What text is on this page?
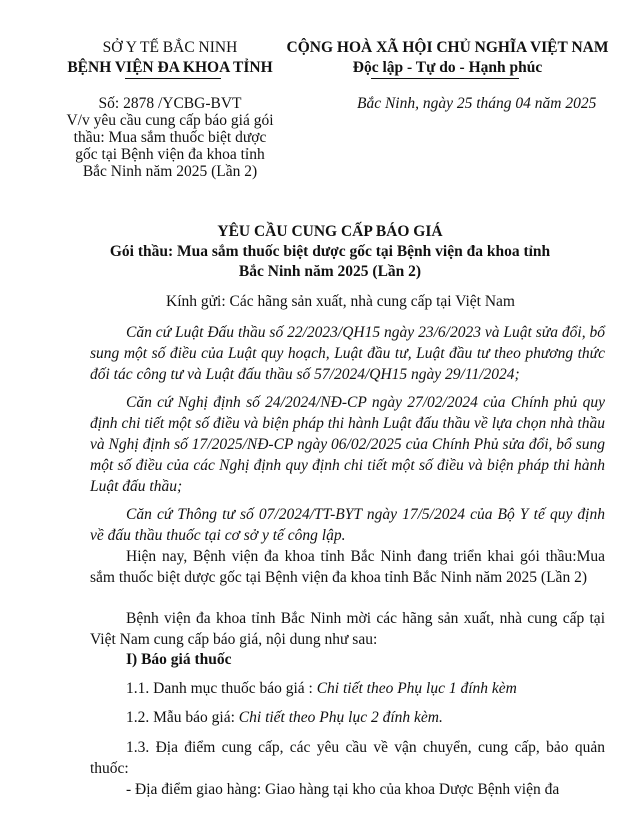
SỞ Y TẾ BẮC NINH
BỆNH VIỆN ĐA KHOA TỈNH
Số: 2878 /YCBG-BVT
V/v yêu cầu cung cấp báo giá gói
thầu: Mua sắm thuốc biệt dược
gốc tại Bệnh viện đa khoa tỉnh
Bắc Ninh năm 2025 (Lần 2)
CỘNG HOÀ XÃ HỘI CHỦ NGHĨA VIỆT NAM
Độc lập - Tự do - Hạnh phúc
Bắc Ninh, ngày 25 tháng 04 năm 2025
YÊU CẦU CUNG CẤP BÁO GIÁ
Gói thầu: Mua sắm thuốc biệt dược gốc tại Bệnh viện đa khoa tỉnh
Bắc Ninh năm 2025 (Lần 2)
Kính gửi: Các hãng sản xuất, nhà cung cấp tại Việt Nam

Căn cứ Luật Đấu thầu số 22/2023/QH15 ngày 23/6/2023 và Luật sửa đổi, bổ sung một số điều của Luật quy hoạch, Luật đầu tư, Luật đầu tư theo phương thức đối tác công tư và Luật đấu thầu số 57/2024/QH15 ngày 29/11/2024;

Căn cứ Nghị định số 24/2024/NĐ-CP ngày 27/02/2024 của Chính phủ quy định chi tiết một số điều và biện pháp thi hành Luật đấu thầu về lựa chọn nhà thầu và Nghị định số 17/2025/NĐ-CP ngày 06/02/2025 của Chính Phủ sửa đổi, bổ sung một số điều của các Nghị định quy định chi tiết một số điều và biện pháp thi hành Luật đấu thầu;

Căn cứ Thông tư số 07/2024/TT-BYT ngày 17/5/2024 của Bộ Y tế quy định về đấu thầu thuốc tại cơ sở y tế công lập.

Hiện nay, Bệnh viện đa khoa tỉnh Bắc Ninh đang triển khai gói thầu:Mua sắm thuốc biệt dược gốc tại Bệnh viện đa khoa tỉnh Bắc Ninh năm 2025 (Lần 2)

Bệnh viện đa khoa tỉnh Bắc Ninh mời các hãng sản xuất, nhà cung cấp tại Việt Nam cung cấp báo giá, nội dung như sau:

I) Báo giá thuốc
1.1. Danh mục thuốc báo giá : Chi tiết theo Phụ lục 1 đính kèm
1.2. Mẫu báo giá: Chi tiết theo Phụ lục 2 đính kèm.

1.3. Địa điểm cung cấp, các yêu cầu về vận chuyển, cung cấp, bảo quản thuốc:

- Địa điểm giao hàng: Giao hàng tại kho của khoa Dược Bệnh viện đa
